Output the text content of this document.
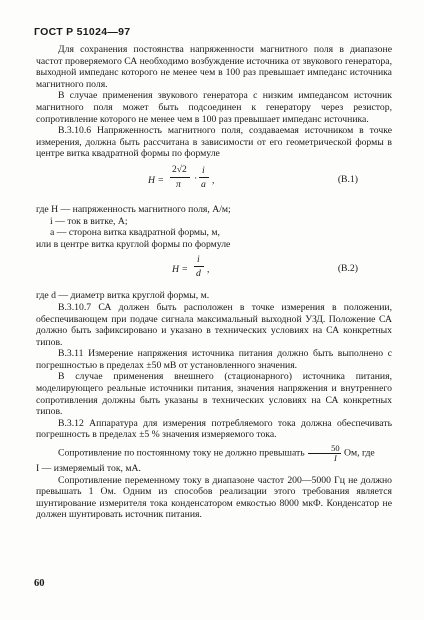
ГОСТ Р 51024—97

Для сохранения постоянства напряженности магнитного поля в диапазоне частот проверяемого СА необходимо возбуждение источника от звукового генератора, выходной импеданс которого не менее чем в 100 раз превышает импеданс источника магнитного поля.

В случае применения звукового генератора с низким импедансом источник магнитного поля может быть подсоединен к генератору через резистор, сопротивление которого не менее чем в 100 раз превышает импеданс источника.

В.3.10.6 Напряженность магнитного поля, создаваемая источником в точке измерения, должна быть рассчитана в зависимости от его геометрической формы в центре витка квадратной формы по формуле

H =
2√2
π
·
i
a ,	(В.1)

где H — напряженность магнитного поля, А/м;

i — ток в витке, А;

a — сторона витка квадратной формы, м,

или в центре витка круглой формы по формуле

H =
i
d ,	(В.2)

где d — диаметр витка круглой формы, м.

В.3.10.7 СА должен быть расположен в точке измерения в положении, обеспечивающем при подаче сигнала максимальный выходной УЗД. Положение СА должно быть зафиксировано и указано в технических условиях на СА конкретных типов.

В.3.11 Измерение напряжения источника питания должно быть выполнено с погрешностью в пределах ±50 мВ от установленного значения.

В случае применения внешнего (стационарного) источника питания, моделирующего реальные источники питания, значения напряжения и внутреннего сопротивления должны быть указаны в технических условиях на СА конкретных типов.

В.3.12 Аппаратура для измерения потребляемого тока должна обеспечивать погрешность в пределах ±5 % значения измеряемого тока.

Сопротивление по постоянному току не должно превышать $\frac{50}{I}$ Ом, где

I — измеряемый ток, мА.

Сопротивление переменному току в диапазоне частот 200—5000 Гц не должно превышать 1 Ом. Одним из способов реализации этого требования является шунтирование измерителя тока конденсатором емкостью 8000 мкФ. Конденсатор не должен шунтировать источник питания.

60
